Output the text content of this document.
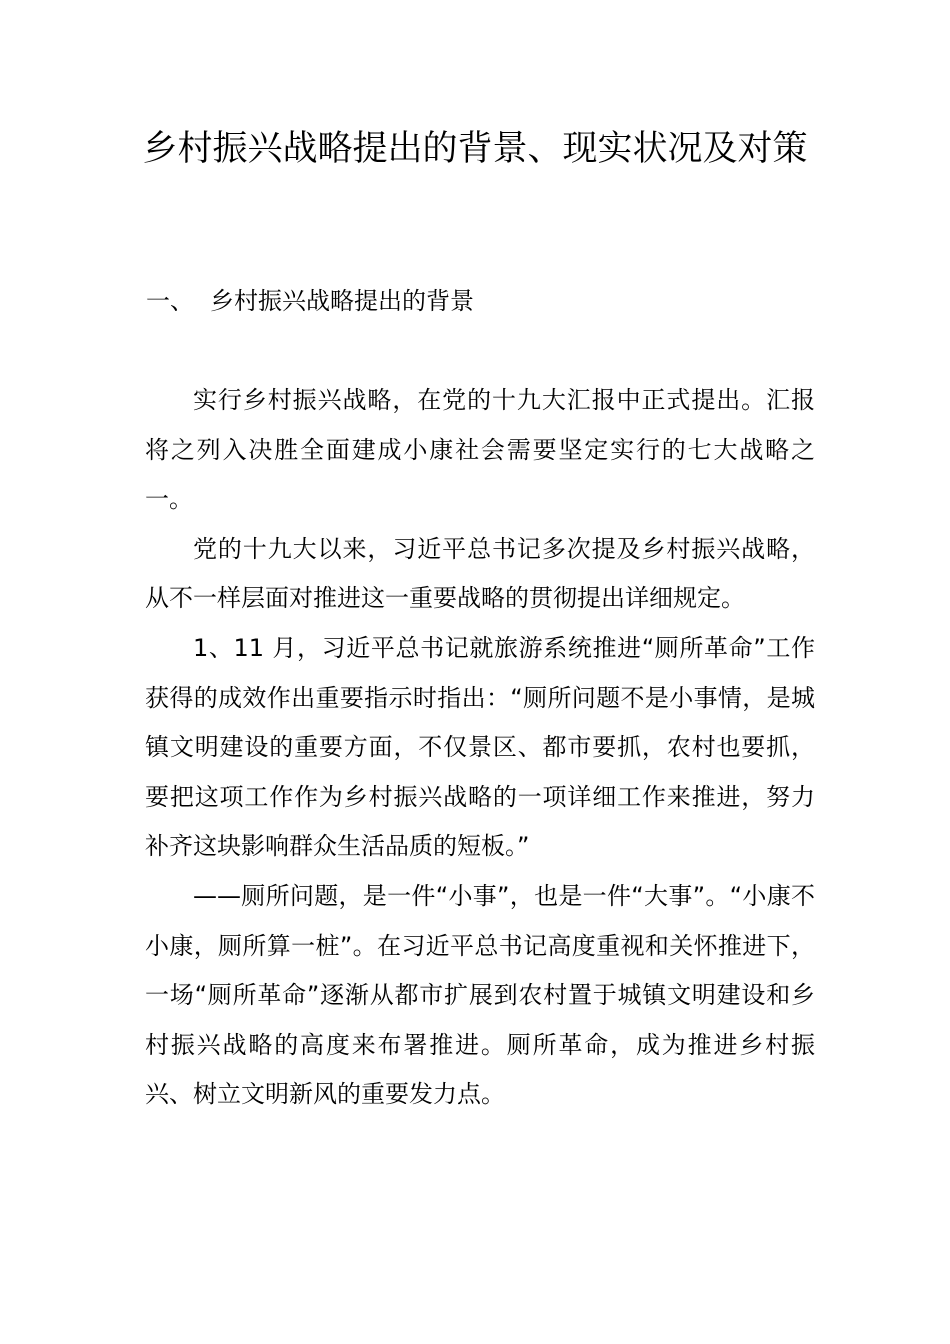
乡村振兴战略提出的背景、现实状况及对策
一、 乡村振兴战略提出的背景

实行乡村振兴战略，在党的十九大汇报中正式提出。汇报将之列入决胜全面建成小康社会需要坚定实行的七大战略之一。

党的十九大以来，习近平总书记多次提及乡村振兴战略，从不一样层面对推进这一重要战略的贯彻提出详细规定。

1、11 月，习近平总书记就旅游系统推进“厕所革命”工作获得的成效作出重要指示时指出：“厕所问题不是小事情，是城镇文明建设的重要方面，不仅景区、都市要抓，农村也要抓，要把这项工作作为乡村振兴战略的一项详细工作来推进，努力补齐这块影响群众生活品质的短板。”

——厕所问题，是一件“小事”，也是一件“大事”。“小康不小康，厕所算一桩”。在习近平总书记高度重视和关怀推进下，一场“厕所革命”逐渐从都市扩展到农村置于城镇文明建设和乡村振兴战略的高度来布署推进。厕所革命，成为推进乡村振兴、树立文明新风的重要发力点。
